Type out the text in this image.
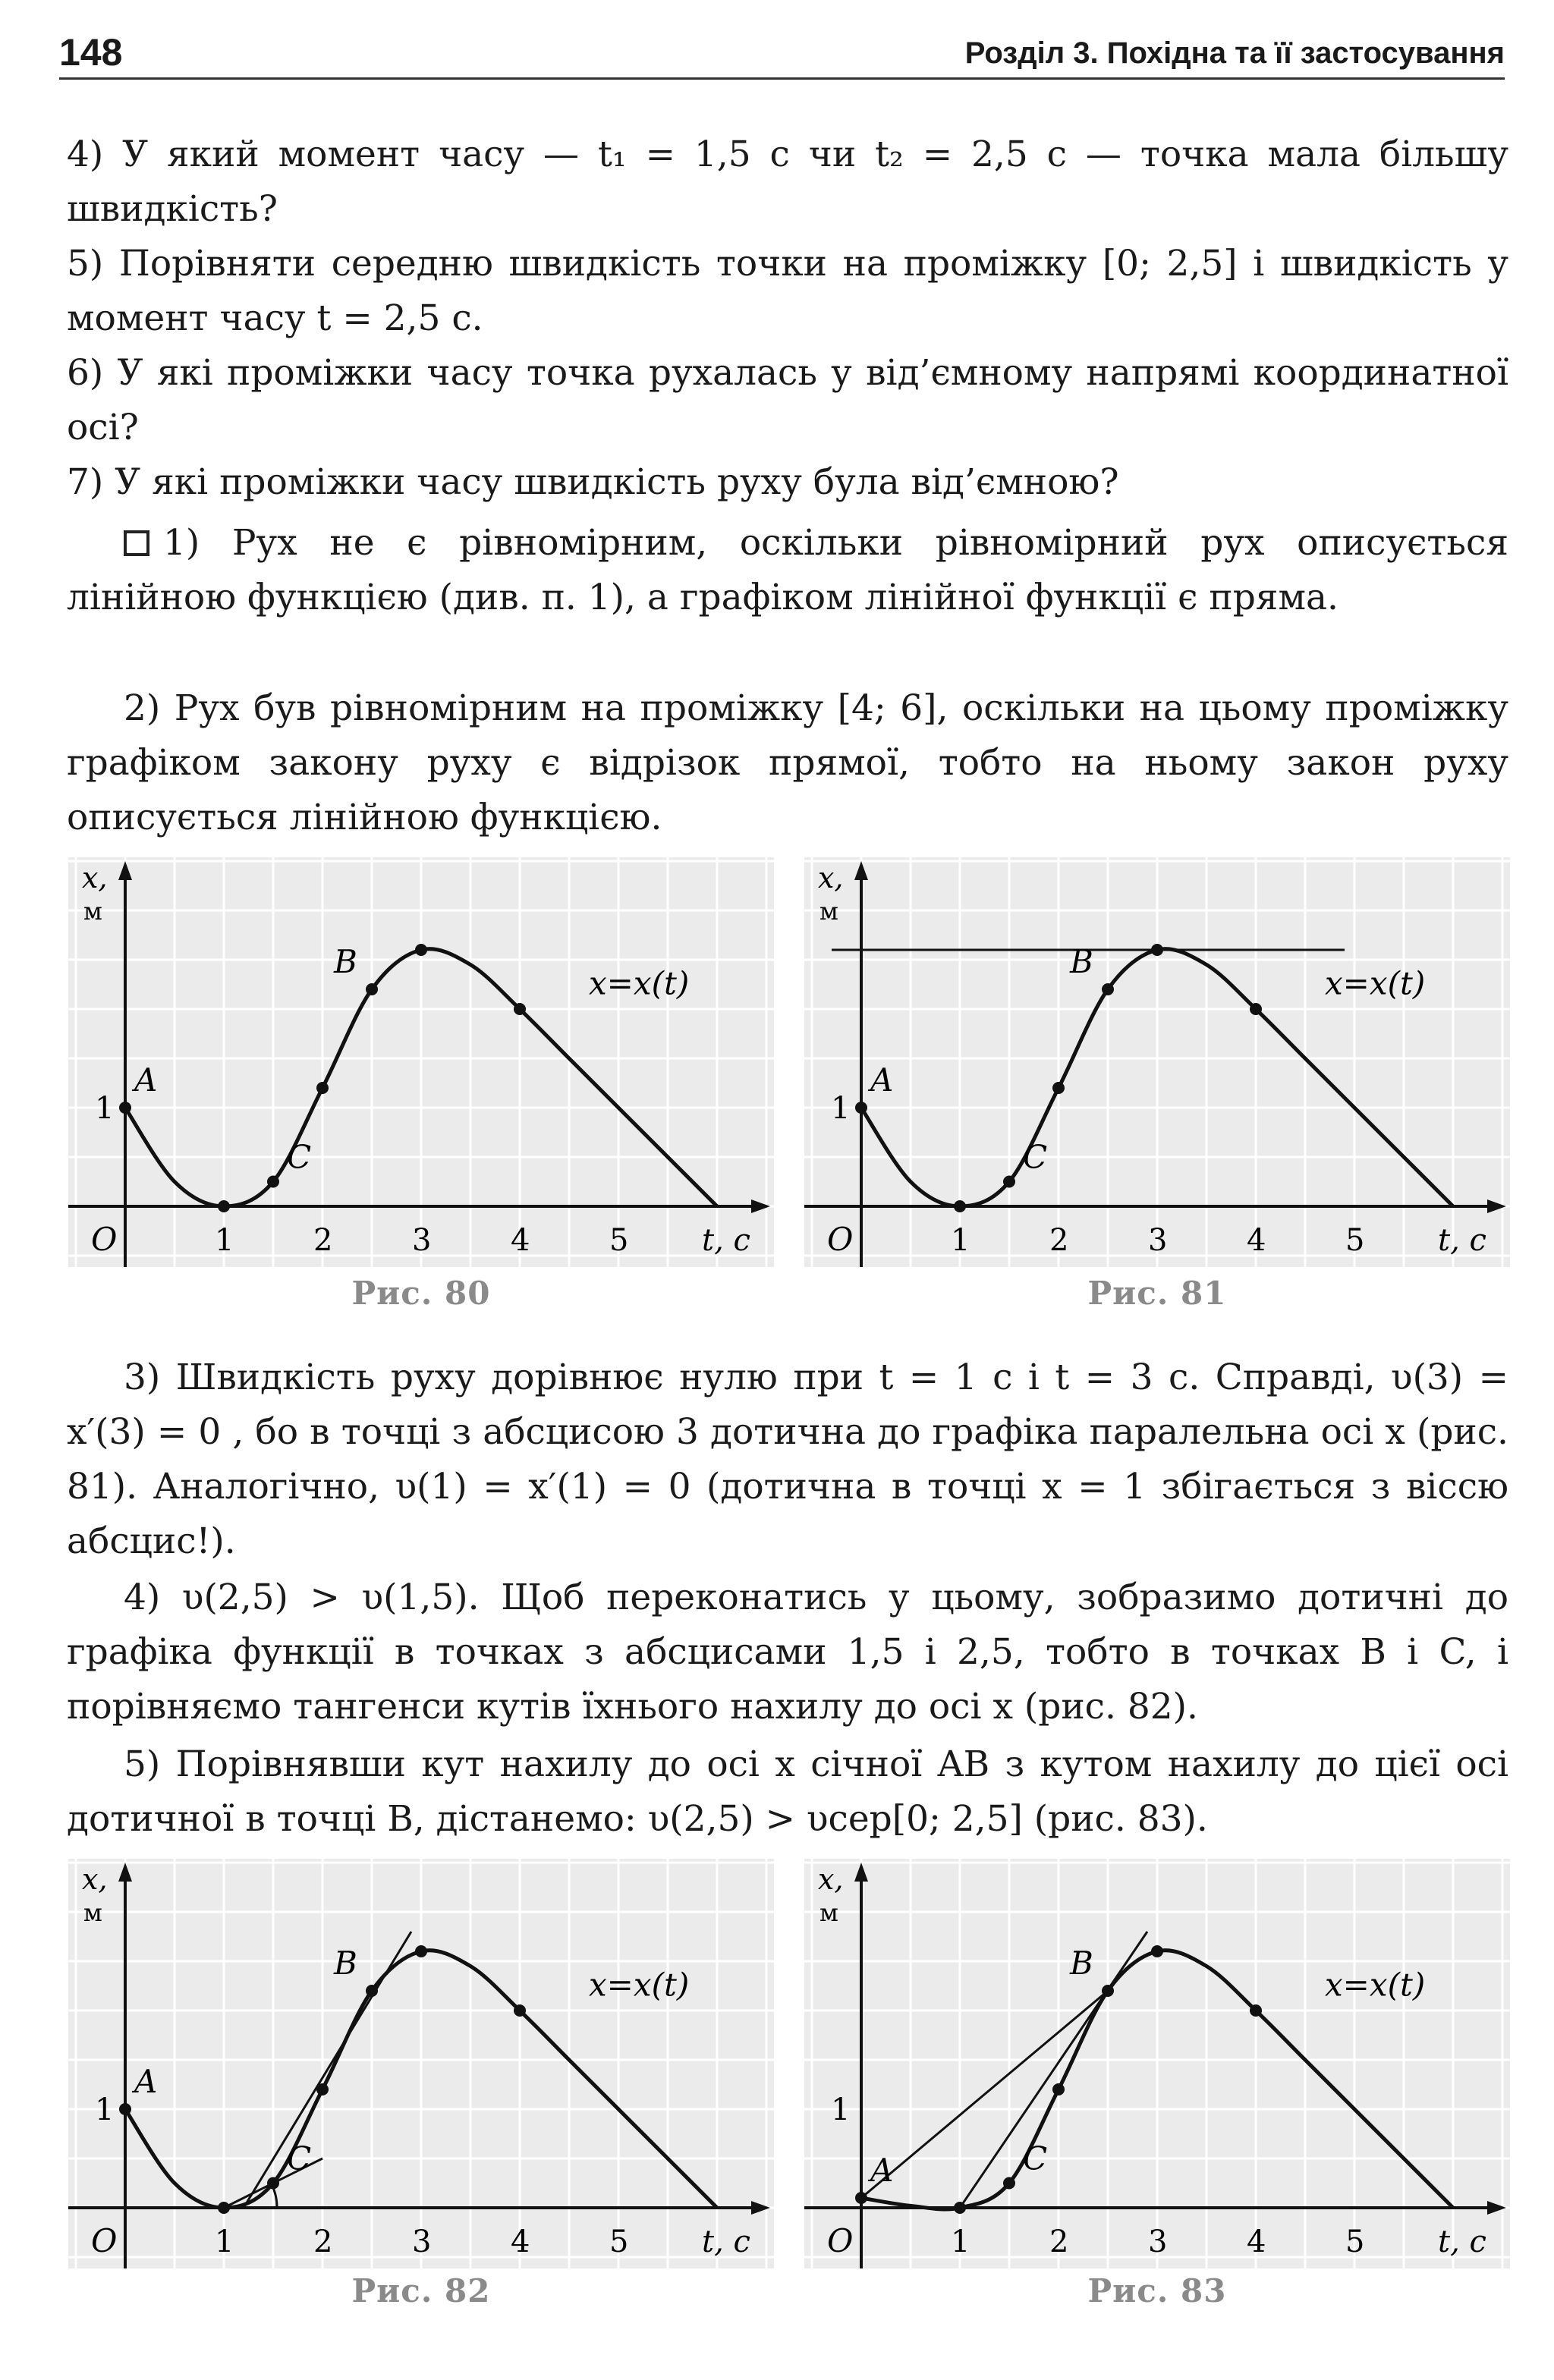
148	Розділ 3. Похідна та її застосування

4) У який момент часу — t₁ = 1,5 с чи t₂ = 2,5 с — точка мала більшу швидкість?

5) Порівняти середню швидкість точки на проміжку [0; 2,5] і швидкість у момент часу t = 2,5 с.

6) У які проміжки часу точка рухалась у від’ємному напрямі координатної осі?

7) У які проміжки часу швидкість руху була від’ємною?

1) Рух не є рівномірним, оскільки рівномірний рух описується лінійною функцією (див. п. 1), а графіком лінійної функції є пряма.

2) Рух був рівномірним на проміжку [4; 6], оскільки на цьому проміжку графіком закону руху є відрізок прямої, тобто на ньому закон руху описується лінійною функцією.

x,
м
t, c
O
1
1	2	3	4	5
x=x(t)
A
C
B
x,
м
t, c
O
1
1	2	3	4	5
x=x(t)
A
C
B
Рис. 80	Рис. 81

3) Швидкість руху дорівнює нулю при t = 1 с і t = 3 с. Справді, υ(3) = x′(3) = 0 , бо в точці з абсцисою 3 дотична до графіка паралельна осі x (рис. 81). Аналогічно, υ(1) = x′(1) = 0 (дотична в точці x = 1 збігається з віссю абсцис!).

4) υ(2,5) > υ(1,5). Щоб переконатись у цьому, зобразимо дотичні до графіка функції в точках з абсцисами 1,5 і 2,5, тобто в точках B і C, і порівняємо тангенси кутів їхнього нахилу до осі x (рис. 82).

5) Порівнявши кут нахилу до осі x січної AB з кутом нахилу до цієї осі дотичної в точці B, дістанемо: υ(2,5) > υсер[0; 2,5] (рис. 83).

x,
м
t, c
O
1
1	2	3	4	5
x=x(t)
A
C
B
x,
м
t, c
O
1
1	2	3	4	5
x=x(t)
A	C
B
Рис. 82	Рис. 83
